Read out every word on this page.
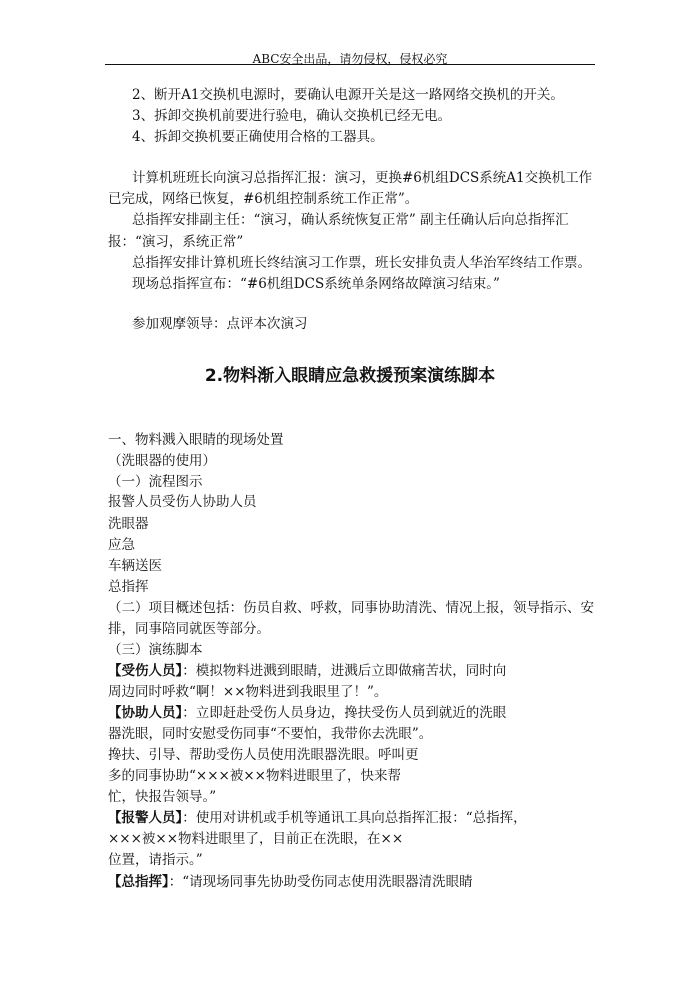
ABC安全出品，请勿侵权，侵权必究
2、断开A1交换机电源时，要确认电源开关是这一路网络交换机的开关。
3、拆卸交换机前要进行验电，确认交换机已经无电。
4、拆卸交换机要正确使用合格的工器具。
计算机班班长向演习总指挥汇报：演习，更换#6机组DCS系统A1交换机工作
已完成，网络已恢复，#6机组控制系统工作正常”。
总指挥安排副主任：“演习，确认系统恢复正常” 副主任确认后向总指挥汇
报：“演习，系统正常”
总指挥安排计算机班长终结演习工作票，班长安排负责人华治军终结工作票。
现场总指挥宣布：“#6机组DCS系统单条网络故障演习结束。”
参加观摩领导：点评本次演习
2.物料渐入眼睛应急救援预案演练脚本
一、物料溅入眼睛的现场处置
（洗眼器的使用）
（一）流程图示
报警人员受伤人协助人员
洗眼器
应急
车辆送医
总指挥
（二）项目概述包括：伤员自救、呼救，同事协助清洗、情况上报，领导指示、安
排，同事陪同就医等部分。
（三）演练脚本
【受伤人员】：模拟物料进溅到眼睛，进溅后立即做痛苦状，同时向
周边同时呼救“啊！××物料进到我眼里了！”。
【协助人员】：立即赶赴受伤人员身边，搀扶受伤人员到就近的洗眼
器洗眼，同时安慰受伤同事“不要怕，我带你去洗眼”。
搀扶、引导、帮助受伤人员使用洗眼器洗眼。呼叫更
多的同事协助“×××被××物料进眼里了，快来帮
忙，快报告领导。”
【报警人员】：使用对讲机或手机等通讯工具向总指挥汇报：“总指挥，
×××被××物料进眼里了，目前正在洗眼，在××
位置，请指示。”
【总指挥】：“请现场同事先协助受伤同志使用洗眼器清洗眼睛
